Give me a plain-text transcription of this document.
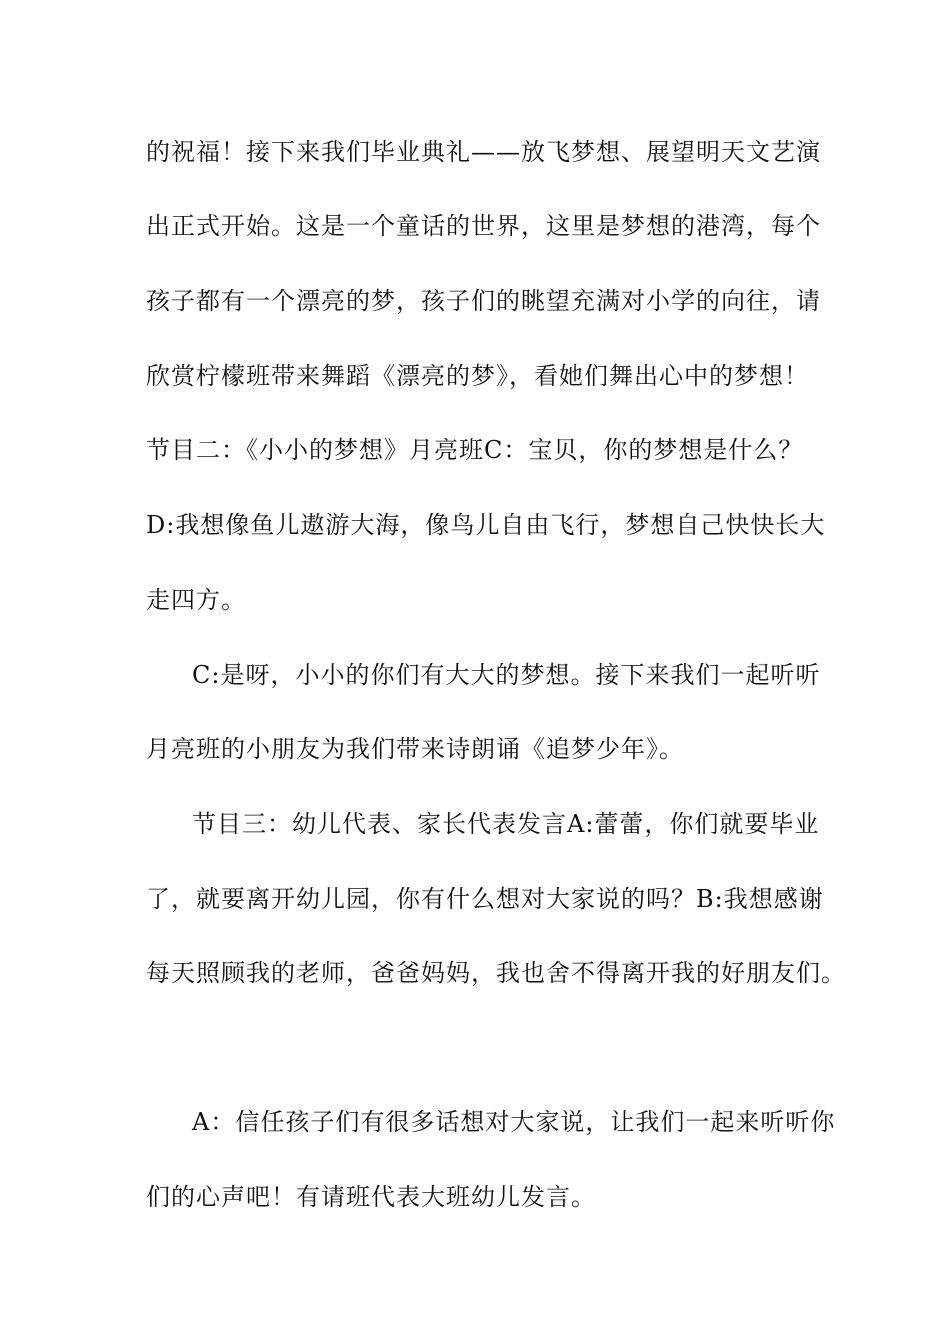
的祝福！接下来我们毕业典礼——放飞梦想、展望明天文艺演
出正式开始。这是一个童话的世界，这里是梦想的港湾，每个
孩子都有一个漂亮的梦，孩子们的眺望充满对小学的向往，请
欣赏柠檬班带来舞蹈《漂亮的梦》，看她们舞出心中的梦想！
节目二：《小小的梦想》月亮班C：宝贝，你的梦想是什么？
D:我想像鱼儿遨游大海，像鸟儿自由飞行，梦想自己快快长大
走四方。
C:是呀，小小的你们有大大的梦想。接下来我们一起听听
月亮班的小朋友为我们带来诗朗诵《追梦少年》。
节目三：幼儿代表、家长代表发言A:蕾蕾，你们就要毕业
了，就要离开幼儿园，你有什么想对大家说的吗？B:我想感谢
每天照顾我的老师，爸爸妈妈，我也舍不得离开我的好朋友们。
A：信任孩子们有很多话想对大家说，让我们一起来听听你
们的心声吧！有请班代表大班幼儿发言。
